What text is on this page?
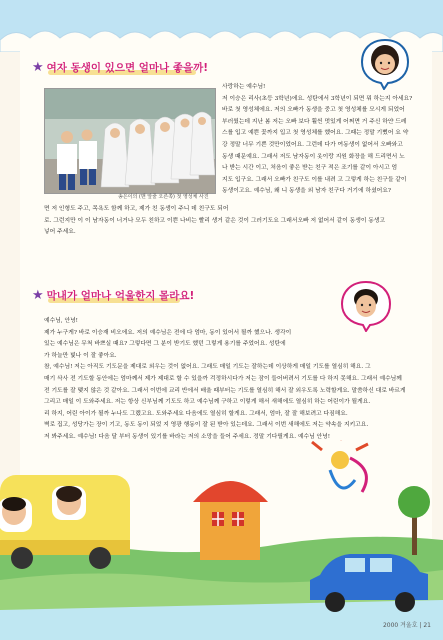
★ 여자 동생이 있으면 얼마나 좋을까!
송은이의 (맨 앞줄 오른쪽) 첫 영성체 사진

사랑하는 예수님!

저 이승은 리사(초등 3학년)에요. 성탄에서 3학년이 되면 뭐 하는지 아세요?

바로 첫 영성체에요. 저의 오빠가 동생을 중고 첫 영성체를 모시게 되었어

부러웠는데 지난 봄 저는 오빠 보다 훨씬 멋있게 어쩌면 거 주신 하얀 드레

스를 입고 예쁜 꽃까지 입고 첫 영성체를 했어요. 그때는 정말 기뻤어 요 약

강 정말 너무 기쁜 것만이었어요. 그런데 다가 여동생이 없어서 오빠와고

동생 때문예요. 그래서 저도 남자동이 옷이랑 지원 화장을 해 드리면서 노

나 받는 시간 이고, 처음이 좋은 받는 친구 적은 조기를 같이 아시고 엄

지도 입구요. 그래서 오빠가 친구도 이를 내려 고 그렇게 하는 친구들 같이

동생이고요. 예수님, 왜 니 동생을 외 남자 친구다 거기에 하셨어요?

면 저 인형도 주고, 목욕도 함께 하고, 제가 친 동생이 주니 데 친구도 되어

로. 그런지만 이 이 남자동이 너거나 모두 친하고 이쁜 나비는 빨리 생거 같은 것이 그러기도요 그래서오빠 저 없어서 같이 동생이 동생고

넣어 주세요.

★ 막내가 얼마나 억울한지 몰라요!

예수님, 안녕!

제가 누구게? 바로 이승재 비오에요. 저의 예수님은 전에 다 엄마, 동이 있어서 될까 했으나. 생각이

있는 예수님은 무척 바쁘실 때요? 그렇다면 그 분이 받기도 했던 그렇게 용기를 주었어요. 성탄에

가 하늘만 빛나 이 잘 좋아요.

참, 예수님! 저는 아직도 기도문을 제대로 외우는 것이 없어요. 그래도 매일 기도는 잘하는데 이상하게 매일 기도를 열심히 해요. 그

매기 삭사 전 기도할 동안에는 엄마께서 제가 제대로 할 수 있을까 걱정하시다가 저는 잠이 들어버려서 기도를 다 하지 못해요. 그래서 예수님께

전 기도를 잘 맺지 않은 것 같아요. 그래서 이번에 교리 반에서 배울 때부터는 기도를 열심히 해서 잘 외우도록 노력할게요. 말씀하신 대로 바르게

그리고 매일 이 도와주세요. 저는 항상 신부님께 기도도 하고 예수님께 구하고 이렇게 해서 새해에도 열심히 하는 어린이가 될게요.

리 하지, 어린 아이가 될까 누나도 그랬고요. 도와주세요 다음에도 열심히 할게요. 그래서, 엄마, 잘 잘 해보려고 다짐해요.

벽로 집고, 성당가는 장이 기고, 동도 동이 되었 지 영광 행동이 잘 된 받아 있는데요. 그래서 이번 새해에도 저는 약속을 지키고요.

저 봐주세요. 예수님! 다음 달 부터 동생이 있기를 바라는 저의 소망을 들어 주세요. 정말 기다릴게요. 예수님 안녕!

2000 겨울호 | 21
